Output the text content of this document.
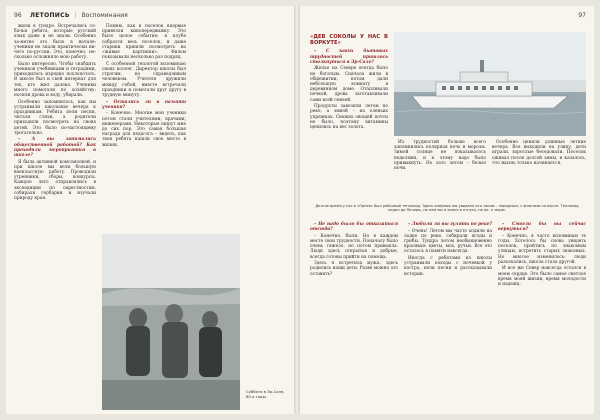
96 ЛЕТОПИСЬ | Воспоминания

жили в тундре. Встречались со-бачьи ребята, которые русский язык даже и не знали. Особенно за-метно это было в начале: ученики не знали практически ни-чего по-русски. Это, конечно, не-сколько осложняло мою работу.

Было интересно. Чтобы снабдить учеников учебниками и тетрадями, приходилось изрядно похлопотать. В школе был и свой интернат для тех, кто жил далеко. Ученики много помогали по хозяйству: носили дрова и воду, убирали.

Особенно запомнилось, как мы устраивали школьные вечера к праздникам. Ребята пели песни, читали стихи, а родители приходили посмотреть на своих детей. Это было по-настоящему трогательно.

– А вы занимались общественной работой? Как проходили мероприятия в школе?

Я была активной комсомолкой, и при школе мы вели большую внеклассную работу. Проводили утренники, сборы, конкурсы. Каждое лето отправлялись в экспедиции по окрестностям, собирали гербарии и изучали природу края.

Помню, как в поселок впервые привезли кинопередвижку. Это было целое событие: в клубе собрался весь поселок, и даже старики пришли посмотреть на «живые картинки». Фильм показывали несколько раз подряд.

С особенной теплотой вспоминаю своих коллег. Директор школы был строгим, но справедливым человеком. Учителя дружили между собой, вместе встречали праздники и помогали друг другу в трудную минуту.

– Остались ли в памяти ученики?

– Конечно. Многие мои ученики потом стали учителями, врачами, инженерами. Некоторые пишут мне до сих пор. Это самая большая награда для педагога – видеть, как твои ребята нашли свое место в жизни.

Суббота в Эр-Сале, 60-е годы.
97
«ДЕВ СОКОЛЫ У НАС В ВОРКУТЕ»

– С каких бытовых трудностей пришлось столкнуться в Эр-Сале?

Жилье на Севере всегда было не богатым. Сначала жили в общежитии, потом дали небольшую комнату в деревянном доме. Отапливали печкой, дрова заготавливали сами всей семьей.

Продукты завозили летом по реке, а зимой – на оленьих упряжках. Свежих овощей почти не было, поэтому витамины ценились на вес золота.

Из трудностей больше всего запомнились полярная ночь и морозы. Зимой солнце не показывалось неделями, и к этому надо было привыкнуть. Но зато летом – белые ночи.

Особенно ценили длинные летние вечера. Все выходили на улицу, дети играли, взрослые беседовали. Поселок оживал после долгой зимы, и казалось, что жизнь только начинается.

Долгое время у нас в «Орехе» был рейсовый теплоход. Здесь впервые мы увидели его таким – нарядным, с флагами на мачте. Теплоход ходил до Печоры, на нем мы и ехали в отпуск, на юг, к морю.

– Не надо было бы отказаться отсюда?

– Конечно, были. Но в каждом месте свои трудности. Поначалу было очень тяжело, но потом привыкла. Люди здесь открытые и добрые, всегда готовы прийти на помощь.

Здесь я встретила мужа, здесь родились наши дети. Разве можно это оставить?

– Любили ли вы гулять по реке?

– Очень! Летом мы часто ходили на лодке по реке, собирали ягоды и грибы. Тундра летом необыкновенно красивая: цветы, мох, ручьи. Все это осталось в памяти навсегда.

Иногда с ребятами из школы устраивали походы с ночевкой у костра, пели песни и рассказывали истории.

– Смогли бы вы сейчас вернуться?

– Конечно, я часто вспоминаю те годы. Хотелось бы снова увидеть поселок, пройтись по знакомым улицам, встретить старых знакомых. Но многое изменилось: люди разъехались, школа стала другой.

И все же Север навсегда остался в моем сердце. Это было самое светлое время моей жизни, время молодости и надежд.
